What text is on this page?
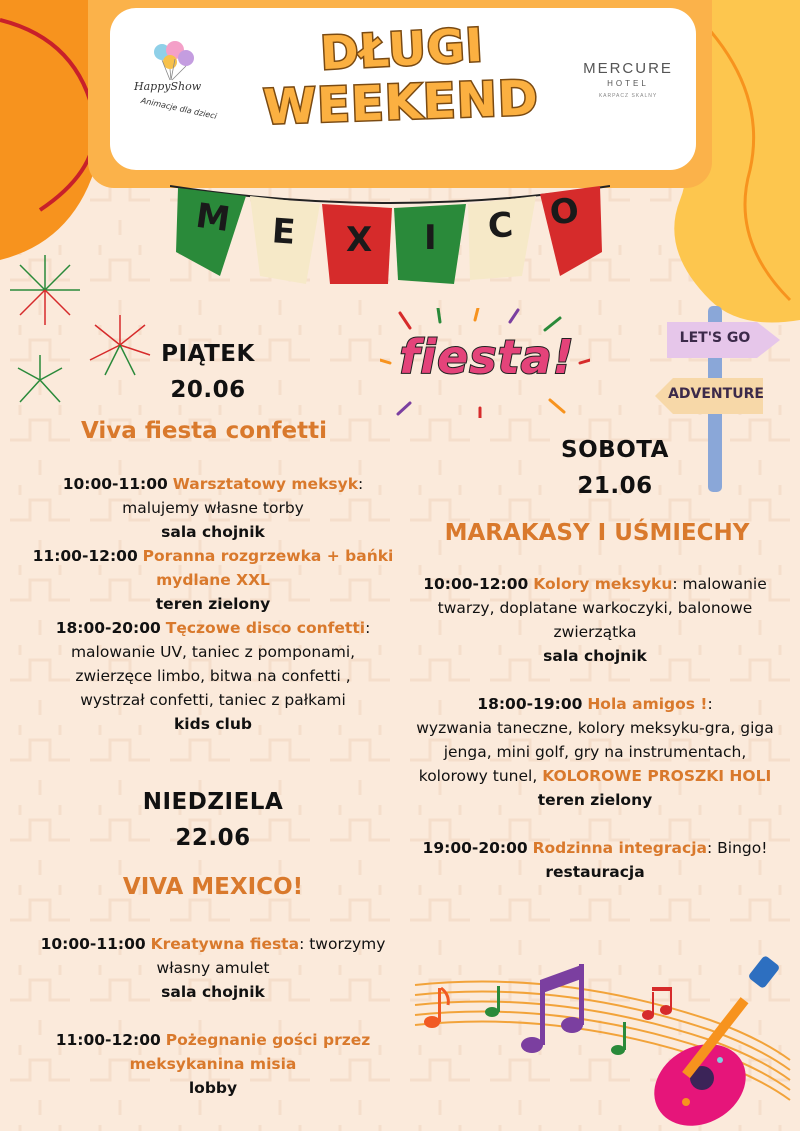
HappyShow
Animacje dla dzieci
DŁUGI
WEEKEND
MERCURE
HOTEL
KARPACZ SKALNY
M E X I C O
fiesta!	LET'S GO
ADVENTURE
PIĄTEK
20.06
Viva fiesta confetti
10:00-11:00 Warsztatowy meksyk:
malujemy własne torby
sala chojnik
11:00-12:00 Poranna rozgrzewka + bańki
mydlane XXL
teren zielony
18:00-20:00 Tęczowe disco confetti:
malowanie UV, taniec z pomponami,
zwierzęce limbo, bitwa na confetti ,
wystrzał confetti, taniec z pałkami
kids club
NIEDZIELA
22.06
VIVA MEXICO!
10:00-11:00 Kreatywna fiesta: tworzymy
własny amulet
sala chojnik
11:00-12:00 Pożegnanie gości przez
meksykanina misia
lobby
SOBOTA
21.06
MARAKASY I UŚMIECHY
10:00-12:00 Kolory meksyku: malowanie
twarzy, doplatane warkoczyki, balonowe
zwierzątka
sala chojnik
18:00-19:00 Hola amigos !:
wyzwania taneczne, kolory meksyku-gra, giga
jenga, mini golf, gry na instrumentach,
kolorowy tunel, KOLOROWE PROSZKI HOLI
teren zielony
19:00-20:00 Rodzinna integracja: Bingo!
restauracja
